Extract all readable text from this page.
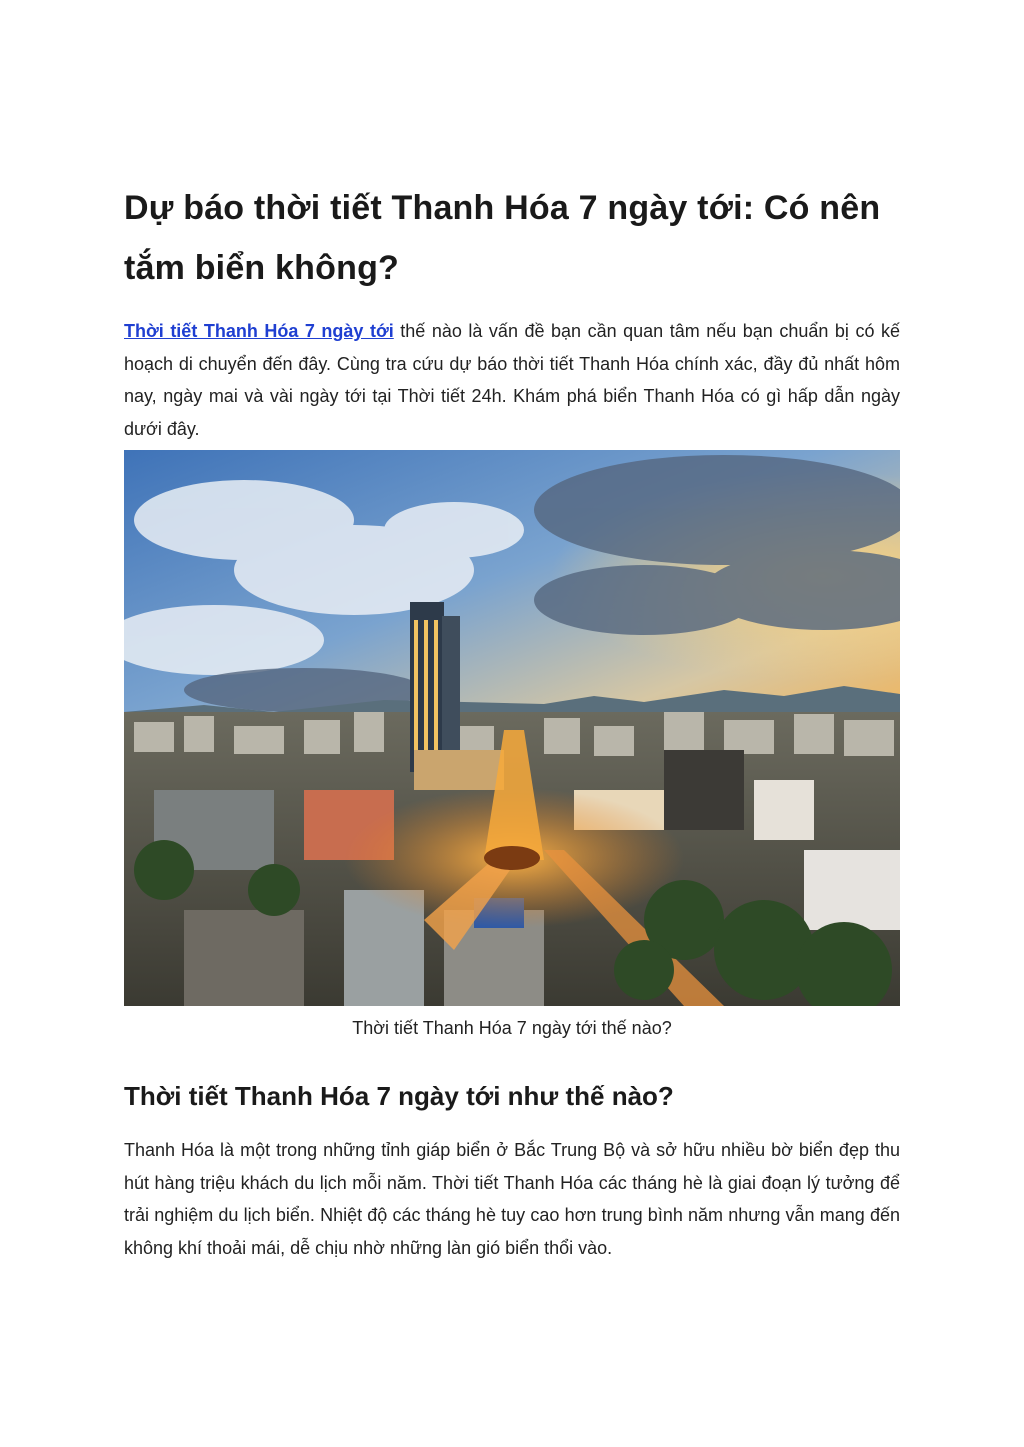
Dự báo thời tiết Thanh Hóa 7 ngày tới: Có nên tắm biển không?

Thời tiết Thanh Hóa 7 ngày tới thế nào là vấn đề bạn cần quan tâm nếu bạn chuẩn bị có kế hoạch di chuyển đến đây. Cùng tra cứu dự báo thời tiết Thanh Hóa chính xác, đầy đủ nhất hôm nay, ngày mai và vài ngày tới tại Thời tiết 24h. Khám phá biển Thanh Hóa có gì hấp dẫn ngày dưới đây.

Thời tiết Thanh Hóa 7 ngày tới thế nào?
Thời tiết Thanh Hóa 7 ngày tới như thế nào?

Thanh Hóa là một trong những tỉnh giáp biển ở Bắc Trung Bộ và sở hữu nhiều bờ biển đẹp thu hút hàng triệu khách du lịch mỗi năm. Thời tiết Thanh Hóa các tháng hè là giai đoạn lý tưởng để trải nghiệm du lịch biển. Nhiệt độ các tháng hè tuy cao hơn trung bình năm nhưng vẫn mang đến không khí thoải mái, dễ chịu nhờ những làn gió biển thổi vào.
